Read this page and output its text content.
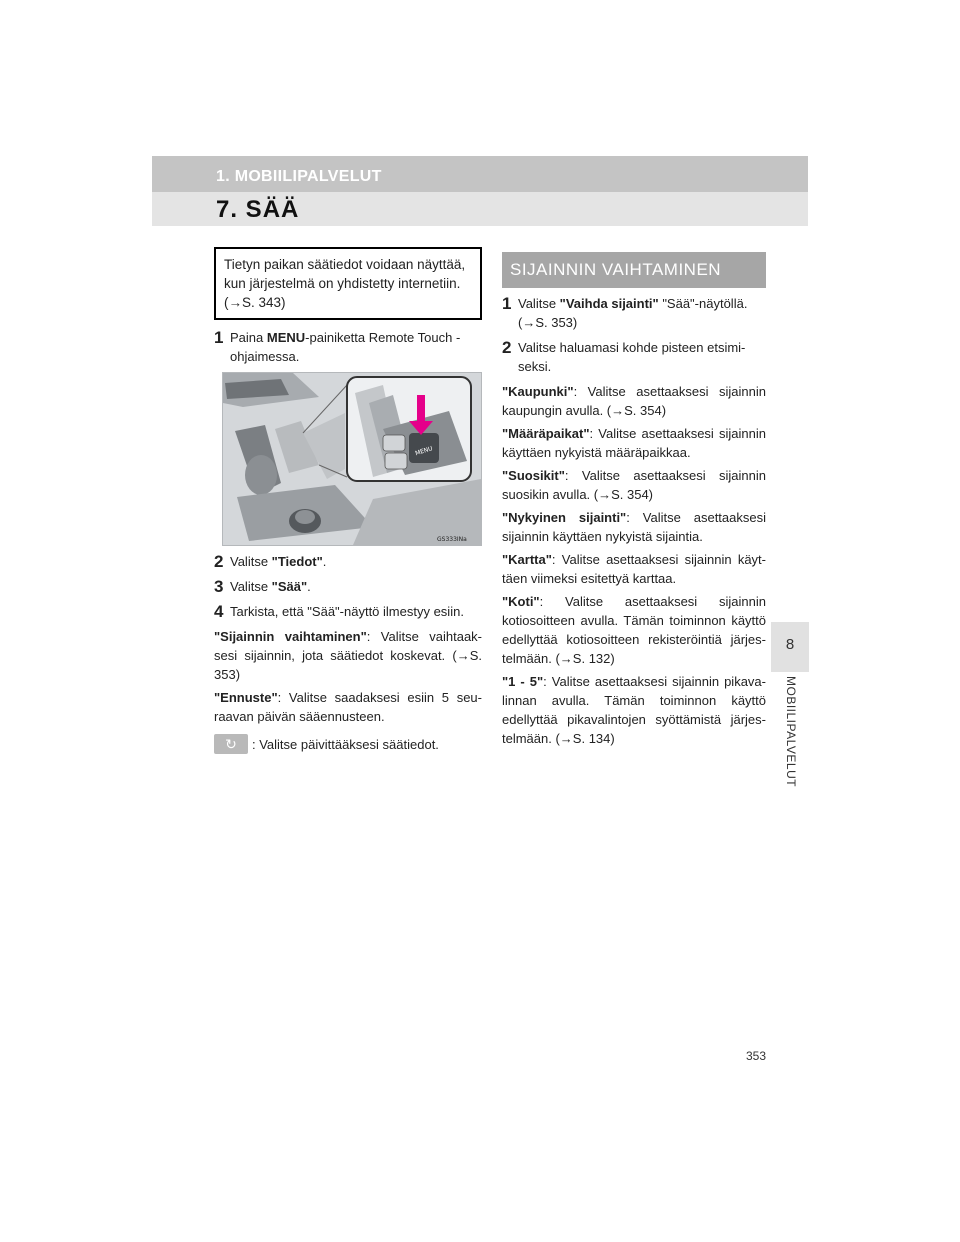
1. MOBIILIPALVELUT
7. SÄÄ
8
MOBIILIPALVELUT
353
Tietyn paikan säätiedot voidaan näyttää, kun järjestelmä on yhdistetty internetiin. (→S. 343)
1 Paina MENU-painiketta Remote Touch -ohjaimessa.
MENU
GS333INa
2 Valitse "Tiedot".
3 Valitse "Sää".
4 Tarkista, että "Sää"-näyttö ilmestyy esiin.
"Sijainnin vaihtaminen": Valitse vaihtaak-sesi sijainnin, jota säätiedot koskevat. (→S. 353)
"Ennuste": Valitse saadaksesi esiin 5 seu-raavan päivän sääennusteen.
↻	: Valitse päivittääksesi säätiedot.
SIJAINNIN VAIHTAMINEN
1 Valitse "Vaihda sijainti" "Sää"-näytöllä. (→S. 353)
2 Valitse haluamasi kohde pisteen etsimi-seksi.
"Kaupunki": Valitse asettaaksesi sijainnin kaupungin avulla. (→S. 354)
"Määräpaikat": Valitse asettaaksesi sijainnin käyttäen nykyistä määräpaikkaa.
"Suosikit": Valitse asettaaksesi sijainnin suosikin avulla. (→S. 354)
"Nykyinen sijainti": Valitse asettaaksesi sijainnin käyttäen nykyistä sijaintia.
"Kartta": Valitse asettaaksesi sijainnin käyt-täen viimeksi esitettyä karttaa.
"Koti": Valitse asettaaksesi sijainnin kotiosoitteen avulla. Tämän toiminnon käyttö edellyttää kotiosoitteen rekisteröintiä järjes-telmään. (→S. 132)
"1 - 5": Valitse asettaaksesi sijainnin pikava-linnan avulla. Tämän toiminnon käyttö edellyttää pikavalintojen syöttämistä järjes-telmään. (→S. 134)
